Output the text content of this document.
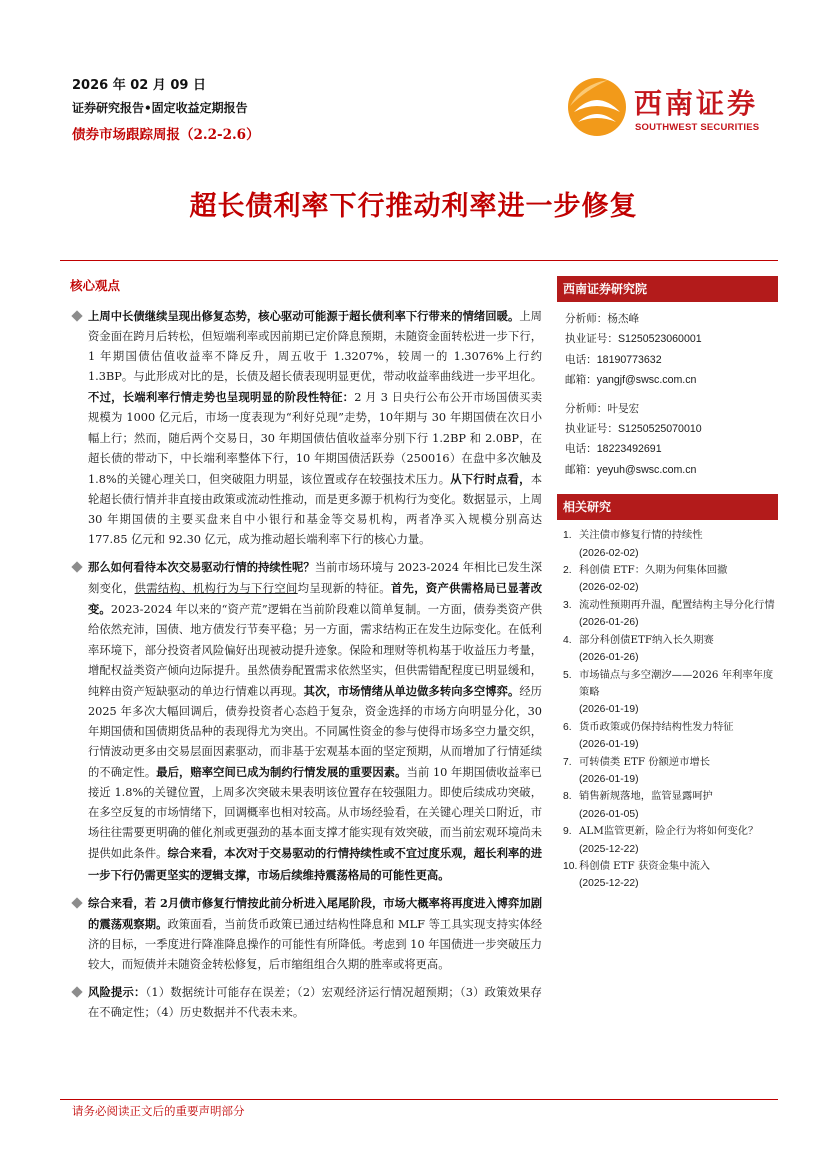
2026 年 02 月 09 日
证券研究报告•固定收益定期报告
债券市场跟踪周报（2.2-2.6）
西南证券
SOUTHWEST SECURITIES
超长债利率下行推动利率进一步修复
核心观点
上周中长债继续呈现出修复态势，核心驱动可能源于超长债利率下行带来的情绪回暖。上周资金面在跨月后转松，但短端利率或因前期已定价降息预期，未随资金面转松进一步下行，1 年期国债估值收益率不降反升，周五收于 1.3207%，较周一的 1.3076%上行约 1.3BP。与此形成对比的是，长债及超长债表现明显更优，带动收益率曲线进一步平坦化。不过，长端利率行情走势也呈现明显的阶段性特征：2 月 3 日央行公布公开市场国债买卖规模为 1000 亿元后，市场一度表现为“利好兑现”走势，10年期与 30 年期国债在次日小幅上行；然而，随后两个交易日，30 年期国债估值收益率分别下行 1.2BP 和 2.0BP，在超长债的带动下，中长端利率整体下行，10 年期国债活跃券（250016）在盘中多次触及 1.8%的关键心理关口，但突破阻力明显，该位置或存在较强技术压力。从下行时点看，本轮超长债行情并非直接由政策或流动性推动，而是更多源于机构行为变化。数据显示，上周 30 年期国债的主要买盘来自中小银行和基金等交易机构，两者净买入规模分别高达 177.85 亿元和 92.30 亿元，成为推动超长端利率下行的核心力量。
那么如何看待本次交易驱动行情的持续性呢？当前市场环境与 2023-2024 年相比已发生深刻变化，供需结构、机构行为与下行空间均呈现新的特征。首先，资产供需格局已显著改变。2023-2024 年以来的“资产荒”逻辑在当前阶段难以简单复制。一方面，债券类资产供给依然充沛，国债、地方债发行节奏平稳；另一方面，需求结构正在发生边际变化。在低利率环境下，部分投资者风险偏好出现被动提升迹象。保险和理财等机构基于收益压力考量，增配权益类资产倾向边际提升。虽然债券配置需求依然坚实，但供需错配程度已明显缓和，纯粹由资产短缺驱动的单边行情难以再现。其次，市场情绪从单边做多转向多空博弈。经历 2025 年多次大幅回调后，债券投资者心态趋于复杂，资金选择的市场方向明显分化，30 年期国债和国债期货品种的表现得尤为突出。不同属性资金的参与使得市场多空力量交织，行情波动更多由交易层面因素驱动，而非基于宏观基本面的坚定预期，从而增加了行情延续的不确定性。最后，赔率空间已成为制约行情发展的重要因素。当前 10 年期国债收益率已接近 1.8%的关键位置，上周多次突破未果表明该位置存在较强阻力。即使后续成功突破，在多空反复的市场情绪下，回调概率也相对较高。从市场经验看，在关键心理关口附近，市场往往需要更明确的催化剂或更强劲的基本面支撑才能实现有效突破，而当前宏观环境尚未提供如此条件。综合来看，本次对于交易驱动的行情持续性或不宜过度乐观，超长利率的进一步下行仍需更坚实的逻辑支撑，市场后续维持震荡格局的可能性更高。
综合来看，若 2月债市修复行情按此前分析进入尾尾阶段，市场大概率将再度进入博弈加剧的震荡观察期。政策面看，当前货币政策已通过结构性降息和 MLF 等工具实现支持实体经济的目标，一季度进行降准降息操作的可能性有所降低。考虑到 10 年国债进一步突破压力较大，而短债并未随资金转松修复，后市缩组组合久期的胜率或将更高。
风险提示：（1）数据统计可能存在误差；（2）宏观经济运行情况超预期；（3）政策效果存在不确定性；（4）历史数据并不代表未来。
西南证券研究院
分析师：杨杰峰
执业证号：S1250523060001
电话：18190773632
邮箱：yangjf@swsc.com.cn
分析师：叶旻宏
执业证号：S1250525070010
电话：18223492691
邮箱：yeyuh@swsc.com.cn
相关研究
1. 关注债市修复行情的持续性
(2026-02-02)
2. 科创债 ETF：久期为何集体回撤
(2026-02-02)
3. 流动性预期再升温，配置结构主导分化行情
(2026-01-26)
4. 部分科创债ETF纳入长久期赛
(2026-01-26)
5. 市场锚点与多空潮汐——2026 年利率年度策略
(2026-01-19)
6. 货币政策或仍保持结构性发力特征
(2026-01-19)
7. 可转债类 ETF 份额逆市增长
(2026-01-19)
8. 销售新规落地，监管显露呵护
(2026-01-05)
9. ALM监管更新，险企行为将如何变化？
(2025-12-22)
10. 科创债 ETF 获资金集中流入
(2025-12-22)
请务必阅读正文后的重要声明部分
